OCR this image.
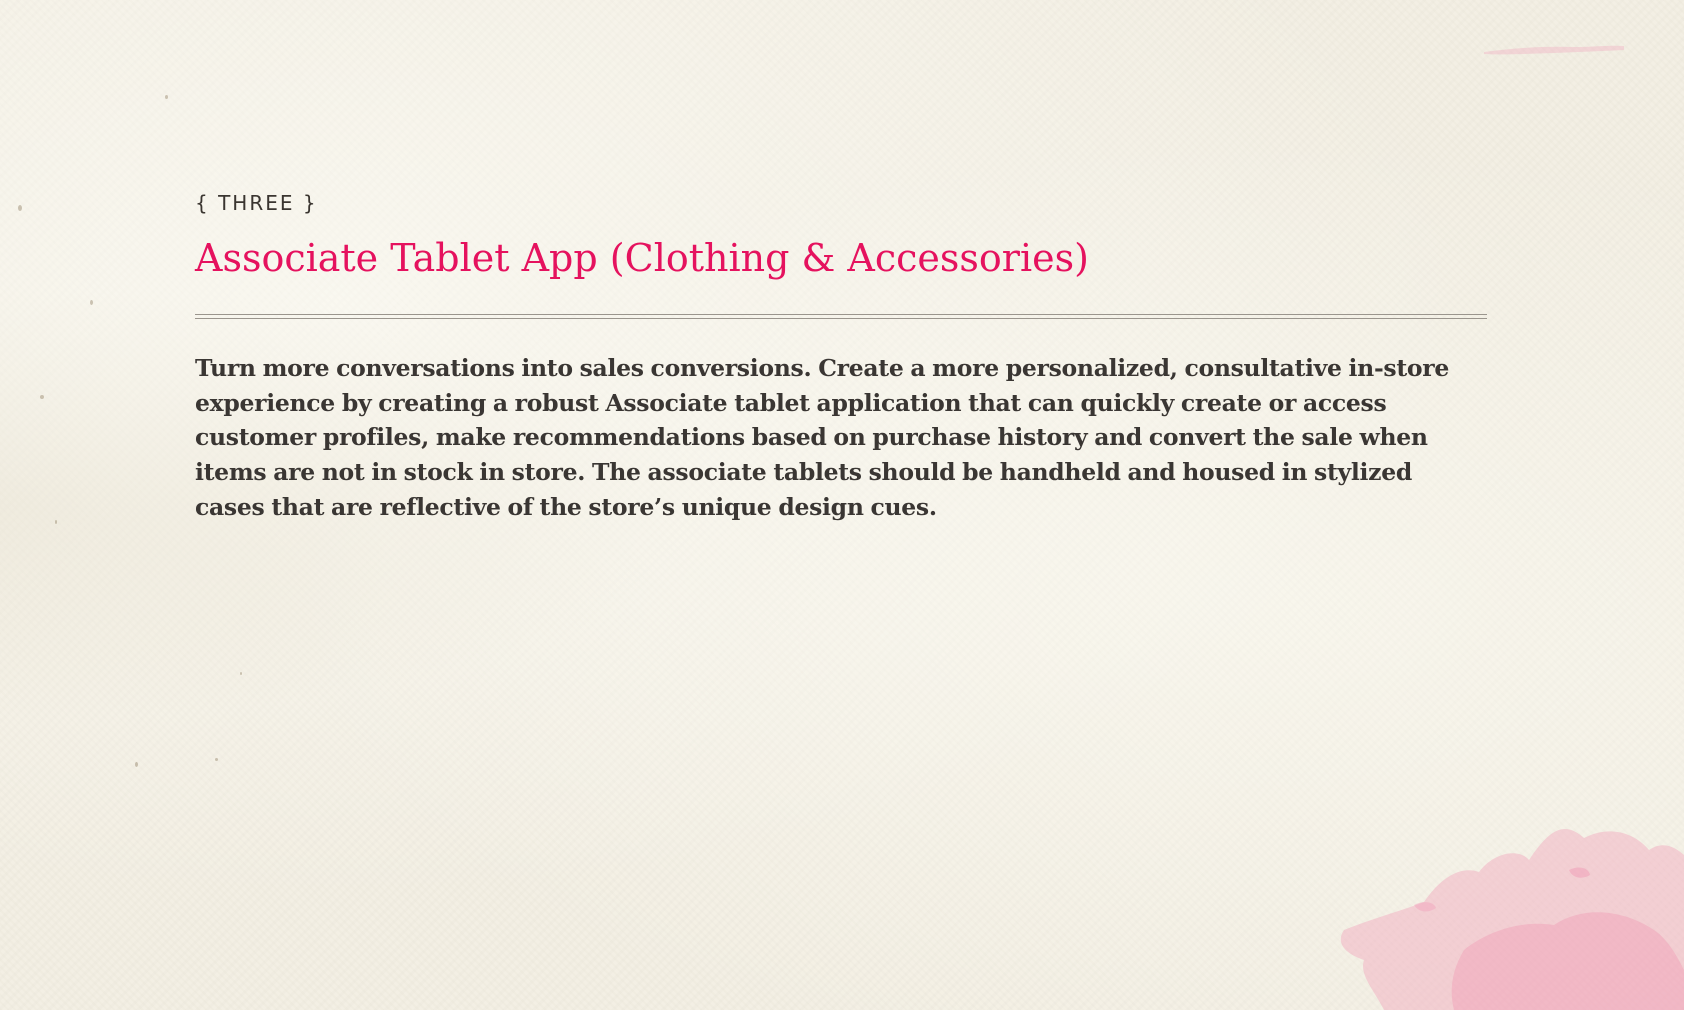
{ THREE }

Associate Tablet App (Clothing & Accessories)

Turn more conversations into sales conversions. Create a more personalized, consultative in-store experience by creating a robust Associate tablet application that can quickly create or access customer profiles, make recommendations based on purchase history and convert the sale when items are not in stock in store. The associate tablets should be handheld and housed in stylized cases that are reflective of the store’s unique design cues.
